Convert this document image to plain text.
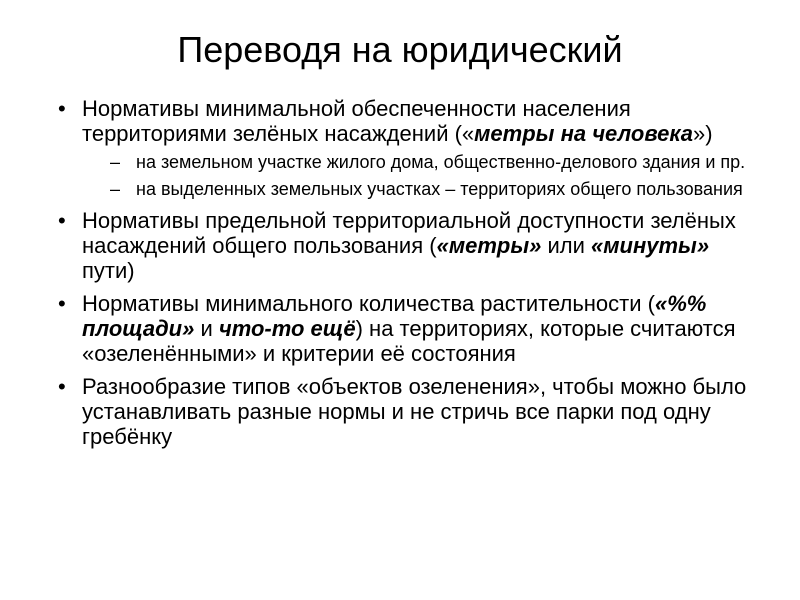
Переводя на юридический
• Нормативы минимальной обеспеченности населения территориями зелёных насаждений («метры на человека»)
– на земельном участке жилого дома, общественно-делового здания и пр.
– на выделенных земельных участках – территориях общего пользования
• Нормативы предельной территориальной доступности зелёных насаждений общего пользования («метры» или «минуты» пути)
• Нормативы минимального количества растительности («%% площади» и что-то ещё) на территориях, которые считаются «озеленёнными» и критерии её состояния
• Разнообразие типов «объектов озеленения», чтобы можно было устанавливать разные нормы и не стричь все парки под одну гребёнку
